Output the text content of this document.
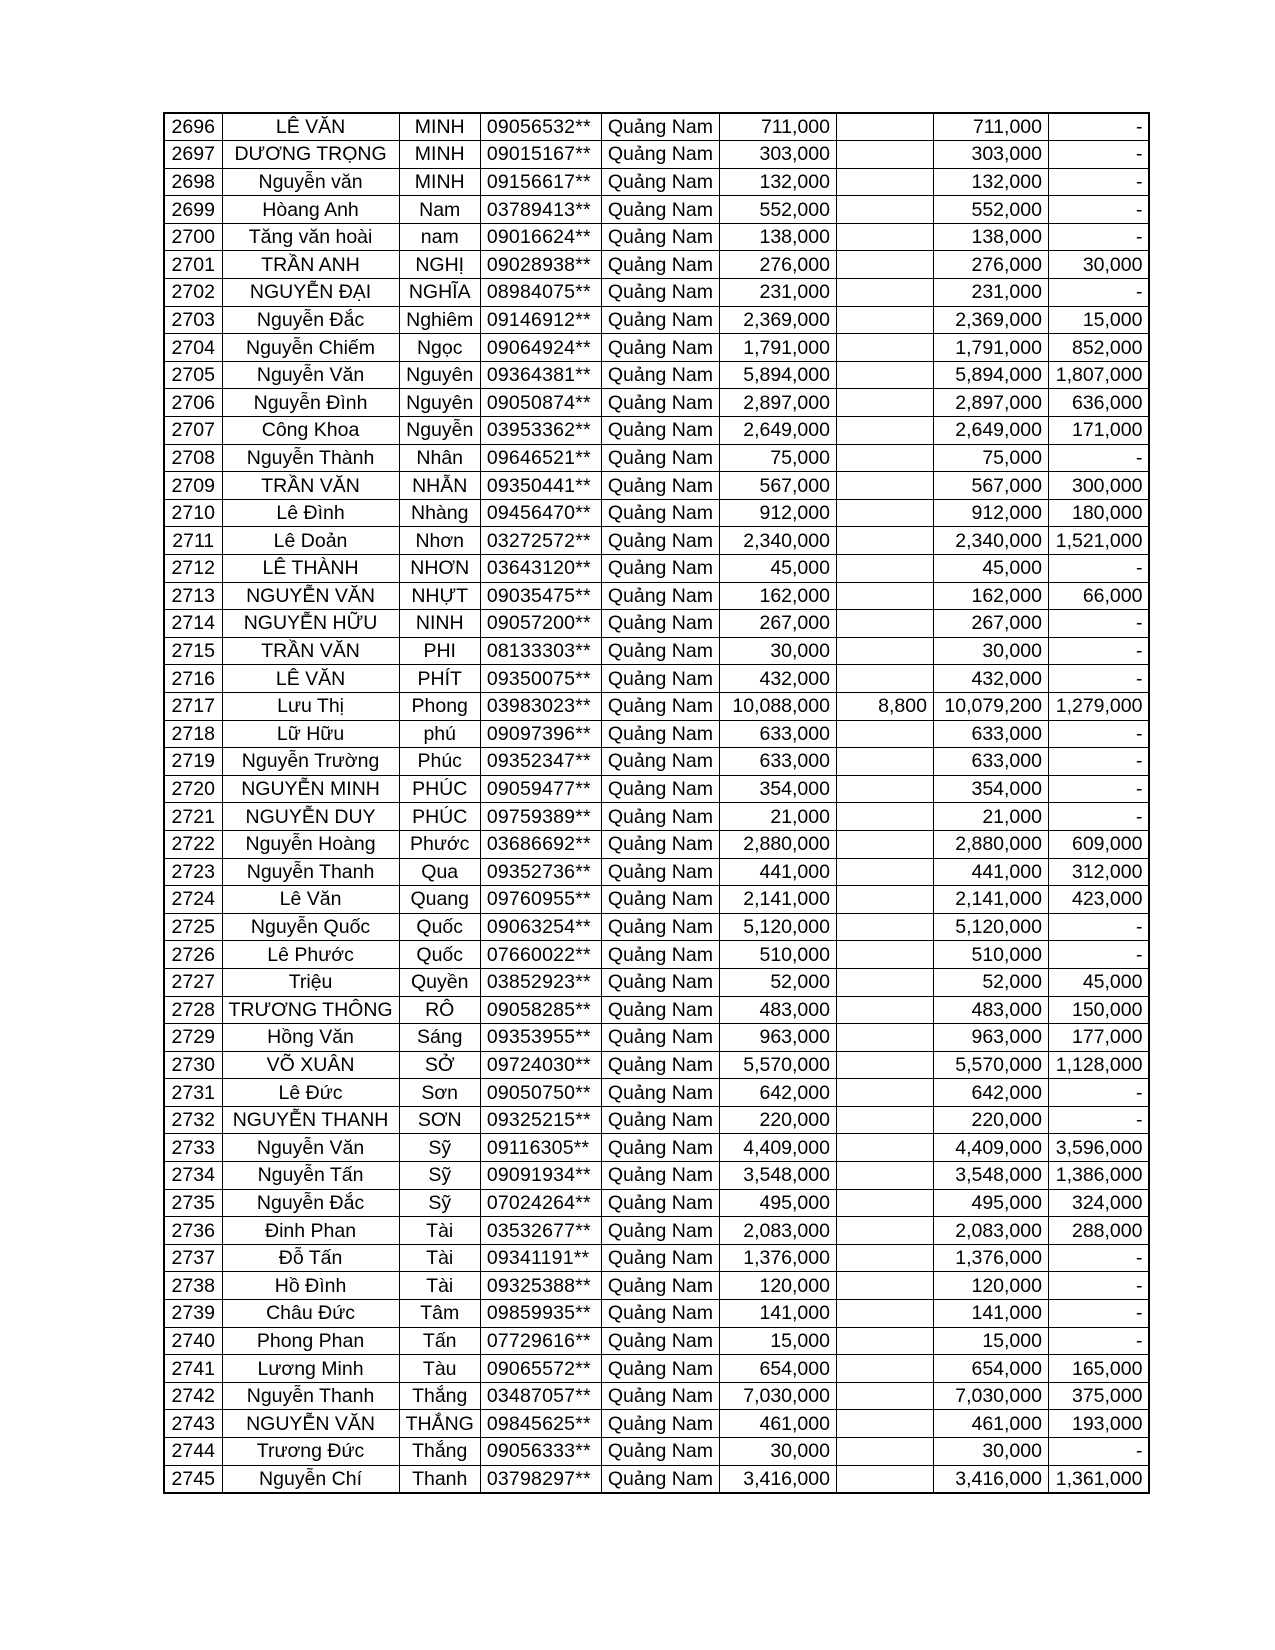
2696	LÊ VĂN	MINH	09056532**	Quảng Nam	711,000		711,000	-
2697	DƯƠNG TRỌNG	MINH	09015167**	Quảng Nam	303,000		303,000	-
2698	Nguyễn văn	MINH	09156617**	Quảng Nam	132,000		132,000	-
2699	Hòang Anh	Nam	03789413**	Quảng Nam	552,000		552,000	-
2700	Tăng văn hoài	nam	09016624**	Quảng Nam	138,000		138,000	-
2701	TRẦN ANH	NGHỊ	09028938**	Quảng Nam	276,000		276,000	30,000
2702	NGUYỄN ĐẠI	NGHĨA	08984075**	Quảng Nam	231,000		231,000	-
2703	Nguyễn Đắc	Nghiêm	09146912**	Quảng Nam	2,369,000		2,369,000	15,000
2704	Nguyễn Chiếm	Ngọc	09064924**	Quảng Nam	1,791,000		1,791,000	852,000
2705	Nguyễn Văn	Nguyên	09364381**	Quảng Nam	5,894,000		5,894,000	1,807,000
2706	Nguyễn Đình	Nguyên	09050874**	Quảng Nam	2,897,000		2,897,000	636,000
2707	Công Khoa	Nguyễn	03953362**	Quảng Nam	2,649,000		2,649,000	171,000
2708	Nguyễn Thành	Nhân	09646521**	Quảng Nam	75,000		75,000	-
2709	TRẦN VĂN	NHẪN	09350441**	Quảng Nam	567,000		567,000	300,000
2710	Lê Đình	Nhàng	09456470**	Quảng Nam	912,000		912,000	180,000
2711	Lê Doản	Nhơn	03272572**	Quảng Nam	2,340,000		2,340,000	1,521,000
2712	LÊ THÀNH	NHƠN	03643120**	Quảng Nam	45,000		45,000	-
2713	NGUYỄN VĂN	NHỰT	09035475**	Quảng Nam	162,000		162,000	66,000
2714	NGUYỄN HỮU	NINH	09057200**	Quảng Nam	267,000		267,000	-
2715	TRẦN VĂN	PHI	08133303**	Quảng Nam	30,000		30,000	-
2716	LÊ VĂN	PHÍT	09350075**	Quảng Nam	432,000		432,000	-
2717	Lưu Thị	Phong	03983023**	Quảng Nam	10,088,000	8,800	10,079,200	1,279,000
2718	Lữ Hữu	phú	09097396**	Quảng Nam	633,000		633,000	-
2719	Nguyễn Trường	Phúc	09352347**	Quảng Nam	633,000		633,000	-
2720	NGUYỄN MINH	PHÚC	09059477**	Quảng Nam	354,000		354,000	-
2721	NGUYỄN DUY	PHÚC	09759389**	Quảng Nam	21,000		21,000	-
2722	Nguyễn Hoàng	Phước	03686692**	Quảng Nam	2,880,000		2,880,000	609,000
2723	Nguyễn Thanh	Qua	09352736**	Quảng Nam	441,000		441,000	312,000
2724	Lê Văn	Quang	09760955**	Quảng Nam	2,141,000		2,141,000	423,000
2725	Nguyễn Quốc	Quốc	09063254**	Quảng Nam	5,120,000		5,120,000	-
2726	Lê Phước	Quốc	07660022**	Quảng Nam	510,000		510,000	-
2727	Triệu	Quyền	03852923**	Quảng Nam	52,000		52,000	45,000
2728	TRƯƠNG THÔNG	RÔ	09058285**	Quảng Nam	483,000		483,000	150,000
2729	Hồng Văn	Sáng	09353955**	Quảng Nam	963,000		963,000	177,000
2730	VÕ XUÂN	SỞ	09724030**	Quảng Nam	5,570,000		5,570,000	1,128,000
2731	Lê Đức	Sơn	09050750**	Quảng Nam	642,000		642,000	-
2732	NGUYỄN THANH	SƠN	09325215**	Quảng Nam	220,000		220,000	-
2733	Nguyễn Văn	Sỹ	09116305**	Quảng Nam	4,409,000		4,409,000	3,596,000
2734	Nguyễn Tấn	Sỹ	09091934**	Quảng Nam	3,548,000		3,548,000	1,386,000
2735	Nguyễn Đắc	Sỹ	07024264**	Quảng Nam	495,000		495,000	324,000
2736	Đinh Phan	Tài	03532677**	Quảng Nam	2,083,000		2,083,000	288,000
2737	Đỗ Tấn	Tài	09341191**	Quảng Nam	1,376,000		1,376,000	-
2738	Hồ Đình	Tài	09325388**	Quảng Nam	120,000		120,000	-
2739	Châu Đức	Tâm	09859935**	Quảng Nam	141,000		141,000	-
2740	Phong Phan	Tấn	07729616**	Quảng Nam	15,000		15,000	-
2741	Lương Minh	Tàu	09065572**	Quảng Nam	654,000		654,000	165,000
2742	Nguyễn Thanh	Thắng	03487057**	Quảng Nam	7,030,000		7,030,000	375,000
2743	NGUYỄN VĂN	THẮNG	09845625**	Quảng Nam	461,000		461,000	193,000
2744	Trương Đức	Thắng	09056333**	Quảng Nam	30,000		30,000	-
2745	Nguyễn Chí	Thanh	03798297**	Quảng Nam	3,416,000		3,416,000	1,361,000
